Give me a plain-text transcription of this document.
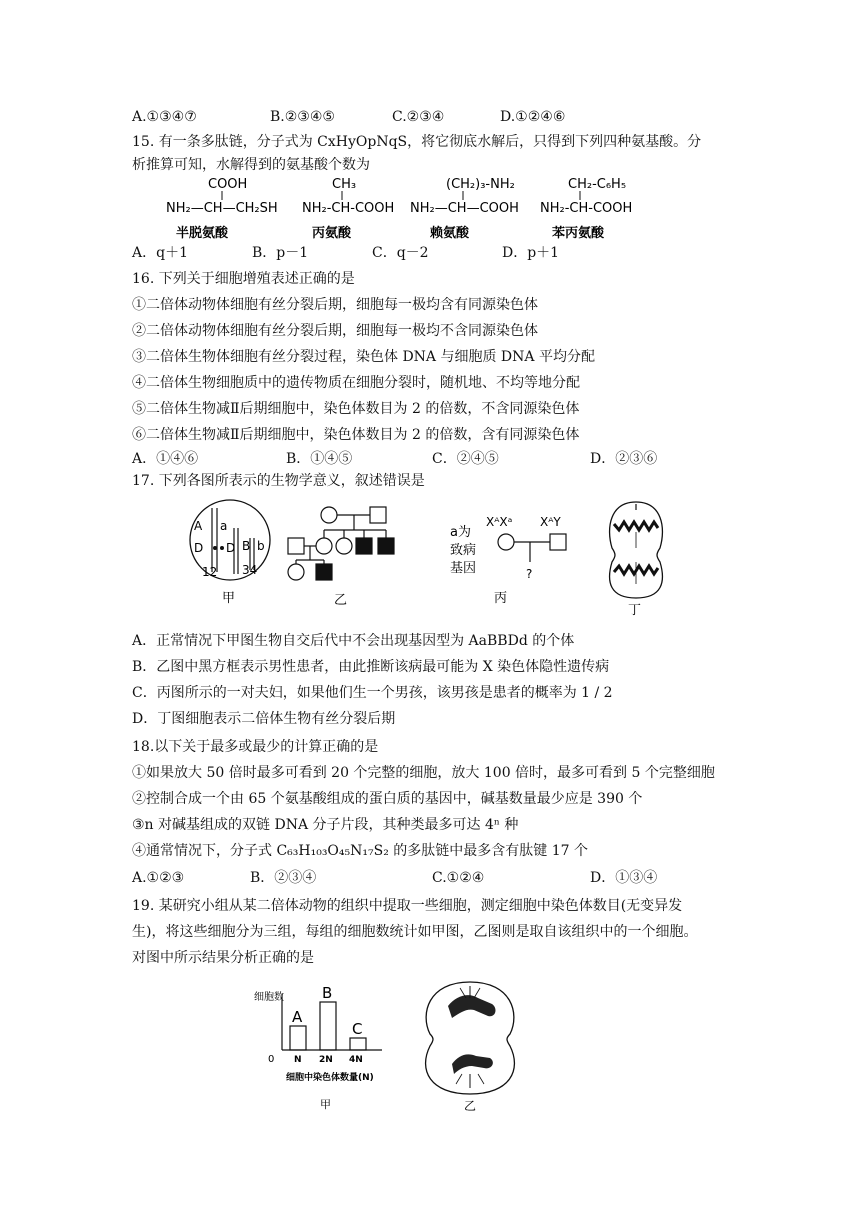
A.①③④⑦	B.②③④⑤	C.②③④	D.①②④⑥
15. 有一条多肽链，分子式为 CxHyOpNqS，将它彻底水解后，只得到下列四种氨基酸。分
析推算可知，水解得到的氨基酸个数为
COOH
NH₂—CH—CH₂SH
半脱氨酸
CH₃
NH₂-CH-COOH
丙氨酸
(CH₂)₃-NH₂
NH₂—CH—COOH
赖氨酸
CH₂-C₆H₅
NH₂-CH-COOH
苯丙氨酸
A．q＋1	B．p－1	C．q－2	D．p＋1
16. 下列关于细胞增殖表述正确的是
①二倍体动物体细胞有丝分裂后期，细胞每一极均含有同源染色体
②二倍体动物体细胞有丝分裂后期，细胞每一极均不含同源染色体
③二倍体生物体细胞有丝分裂过程，染色体 DNA 与细胞质 DNA 平均分配
④二倍体生物细胞质中的遗传物质在细胞分裂时，随机地、不均等地分配
⑤二倍体生物减Ⅱ后期细胞中，染色体数目为 2 的倍数，不含同源染色体
⑥二倍体生物减Ⅱ后期细胞中，染色体数目为 2 的倍数，含有同源染色体
A．①④⑥	B．①④⑤	C．②④⑤	D．②③⑥
17. 下列各图所表示的生物学意义，叙述错误是
A a
D D B b
12 34
甲	乙
a为
致病
基因
XᴬXᵃ XᴬY
?
丙
丁
A．正常情况下甲图生物自交后代中不会出现基因型为 AaBBDd 的个体
B．乙图中黑方框表示男性患者，由此推断该病最可能为 X 染色体隐性遗传病
C．丙图所示的一对夫妇，如果他们生一个男孩，该男孩是患者的概率为 1 / 2
D．丁图细胞表示二倍体生物有丝分裂后期
18.以下关于最多或最少的计算正确的是
①如果放大 50 倍时最多可看到 20 个完整的细胞，放大 100 倍时，最多可看到 5 个完整细胞
②控制合成一个由 65 个氨基酸组成的蛋白质的基因中，碱基数量最少应是 390 个
③n 对碱基组成的双链 DNA 分子片段，其种类最多可达 4ⁿ 种
④通常情况下，分子式 C₆₃H₁₀₃O₄₅N₁₇S₂ 的多肽链中最多含有肽键 17 个
A.①②③	B．②③④	C.①②④	D．①③④
19. 某研究小组从某二倍体动物的组织中提取一些细胞，测定细胞中染色体数目(无变异发
生)，将这些细胞分为三组，每组的细胞数统计如甲图，乙图则是取自该组织中的一个细胞。
对图中所示结果分析正确的是
细胞数
0
A
N
B
2N
C
4N
细胞中染色体数量(N)
甲	乙
